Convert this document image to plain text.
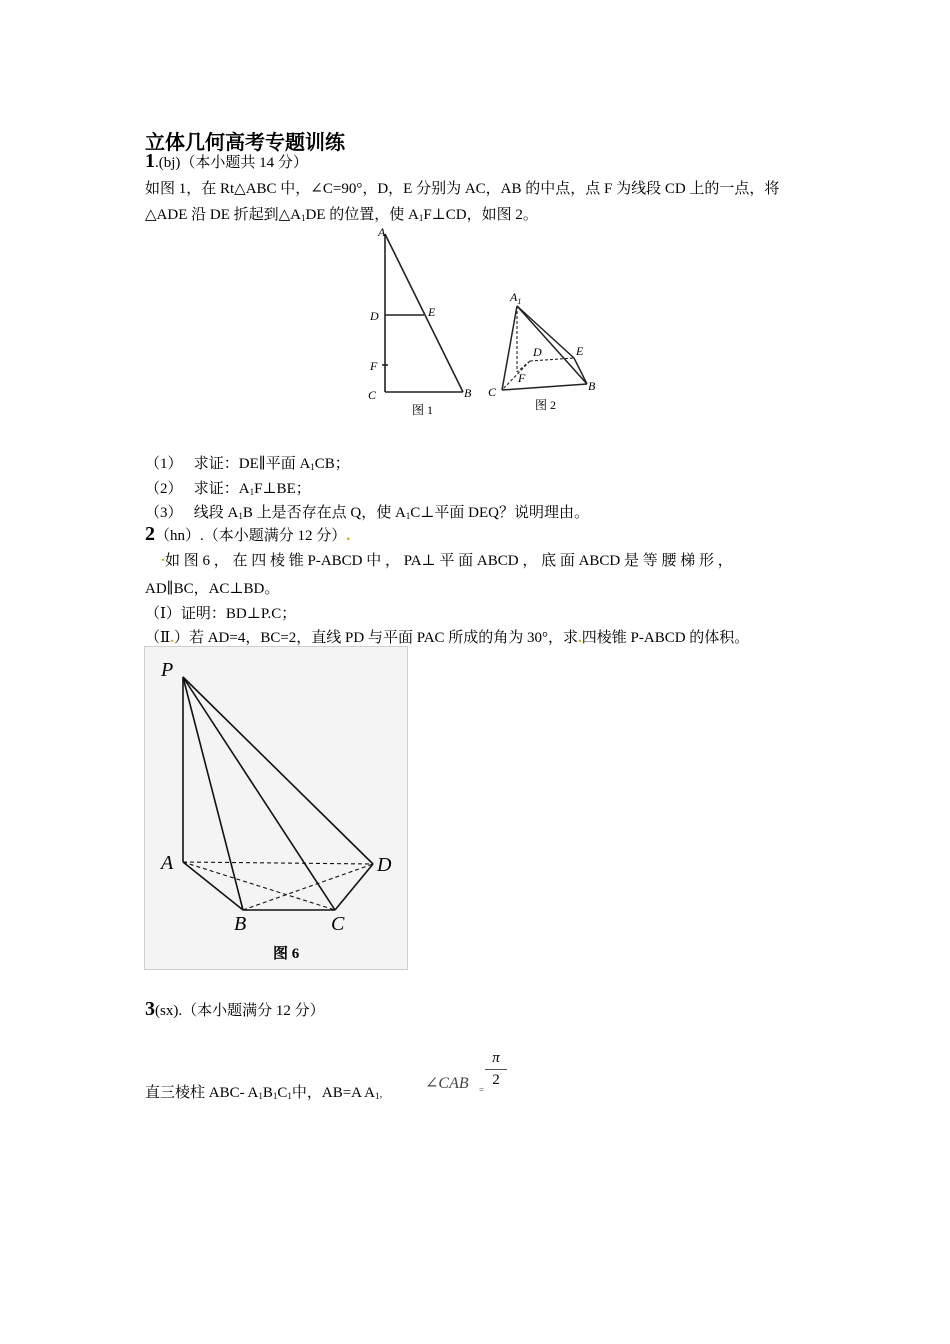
立体几何高考专题训练
1.(bj)（本小题共 14 分）
如图 1，在 Rt△ABC 中，∠C=90°，D，E 分别为 AC，AB 的中点，点 F 为线段 CD 上的一点，将
△ADE 沿 DE 折起到$\triangle A_1DE$ 的位置，使 $A_1F\perp CD$，如图 2。
A
D	E
F
C	B
图 1
$A_1$
D	E
F
C	B
图 2
（1） 求证：DE∥平面 $A_1CB$；
（2） 求证：$A_1F\perp BE$；
（3） 线段 $A_1B$ 上是否存在点 Q，使 $A_1C\perp$平面 DEQ？说明理由。
2（hn）.（本小题满分 12 分）.
. 如 图 6 ， 在 四 棱 锥 P-ABCD 中 ， PA⊥ 平 面 ABCD ， 底 面 ABCD 是 等 腰 梯 形 ，
AD∥BC，AC⊥BD。
（Ⅰ）证明：BD⊥P.C；
（Ⅱ.）若 AD=4，BC=2，直线 PD 与平面 PAC 所成的角为 30°，求.四棱锥 P-ABCD 的体积。
P
A
B	C
D
图 6
3(sx).（本小题满分 12 分）
直三棱柱 ABC- $A_1B_1C_1$中，AB=A $A_1$，
∠CAB =
π
2
